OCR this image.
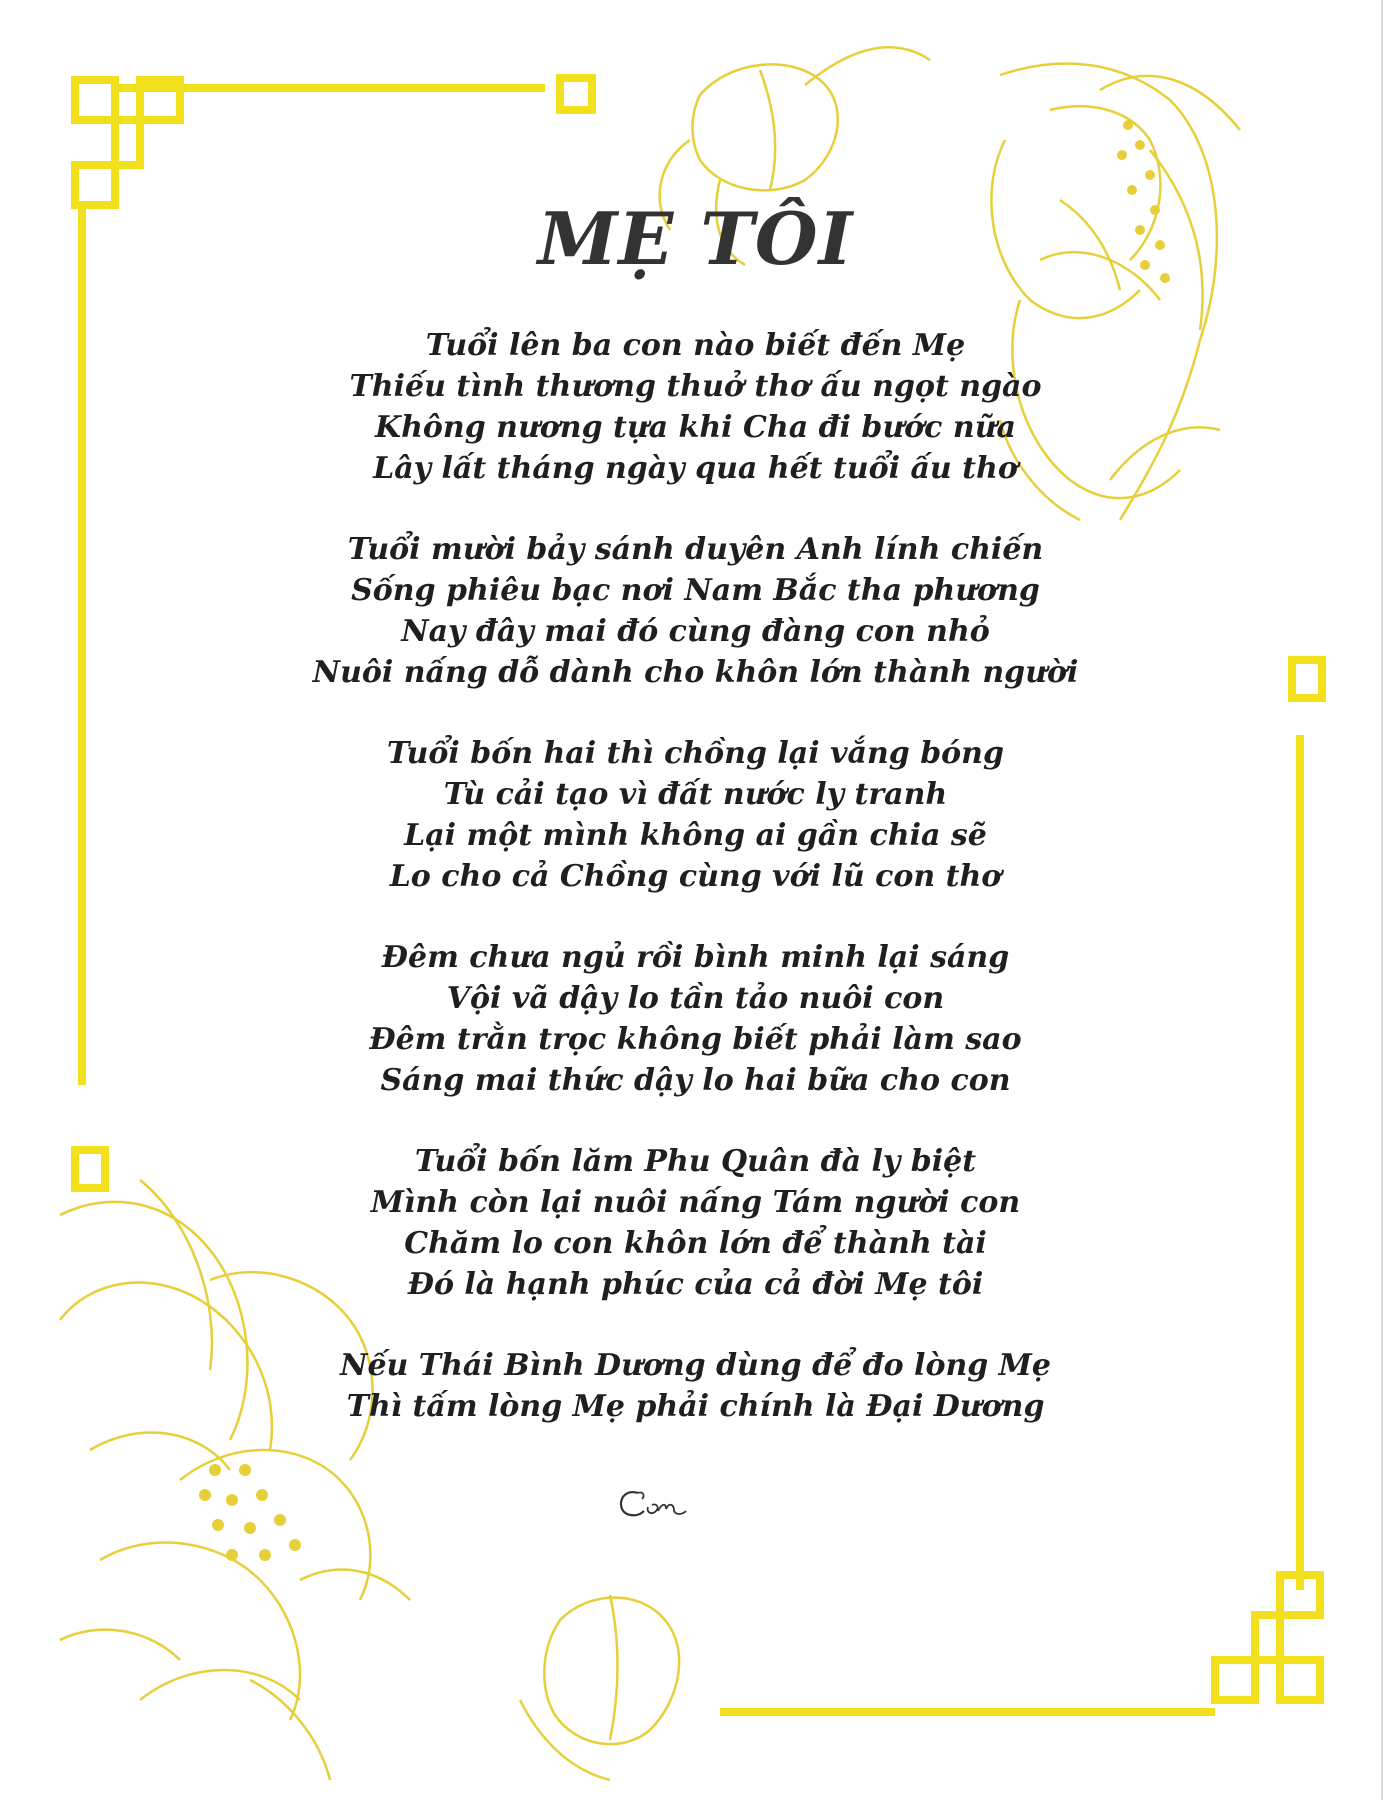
MẸ TÔI
Tuổi lên ba con nào biết đến Mẹ
Thiếu tình thương thuở thơ ấu ngọt ngào
Không nương tựa khi Cha đi bước nữa
Lây lất tháng ngày qua hết tuổi ấu thơ
Tuổi mười bảy sánh duyên Anh lính chiến
Sống phiêu bạc nơi Nam Bắc tha phương
Nay đây mai đó cùng đàng con nhỏ
Nuôi nấng dỗ dành cho khôn lớn thành người
Tuổi bốn hai thì chồng lại vắng bóng
Tù cải tạo vì đất nước ly tranh
Lại một mình không ai gần chia sẽ
Lo cho cả Chồng cùng với lũ con thơ
Đêm chưa ngủ rồi bình minh lại sáng
Vội vã dậy lo tần tảo nuôi con
Đêm trằn trọc không biết phải làm sao
Sáng mai thức dậy lo hai bữa cho con
Tuổi bốn lăm Phu Quân đà ly biệt
Mình còn lại nuôi nấng Tám người con
Chăm lo con khôn lớn để thành tài
Đó là hạnh phúc của cả đời Mẹ tôi
Nếu Thái Bình Dương dùng để đo lòng Mẹ
Thì tấm lòng Mẹ phải chính là Đại Dương
